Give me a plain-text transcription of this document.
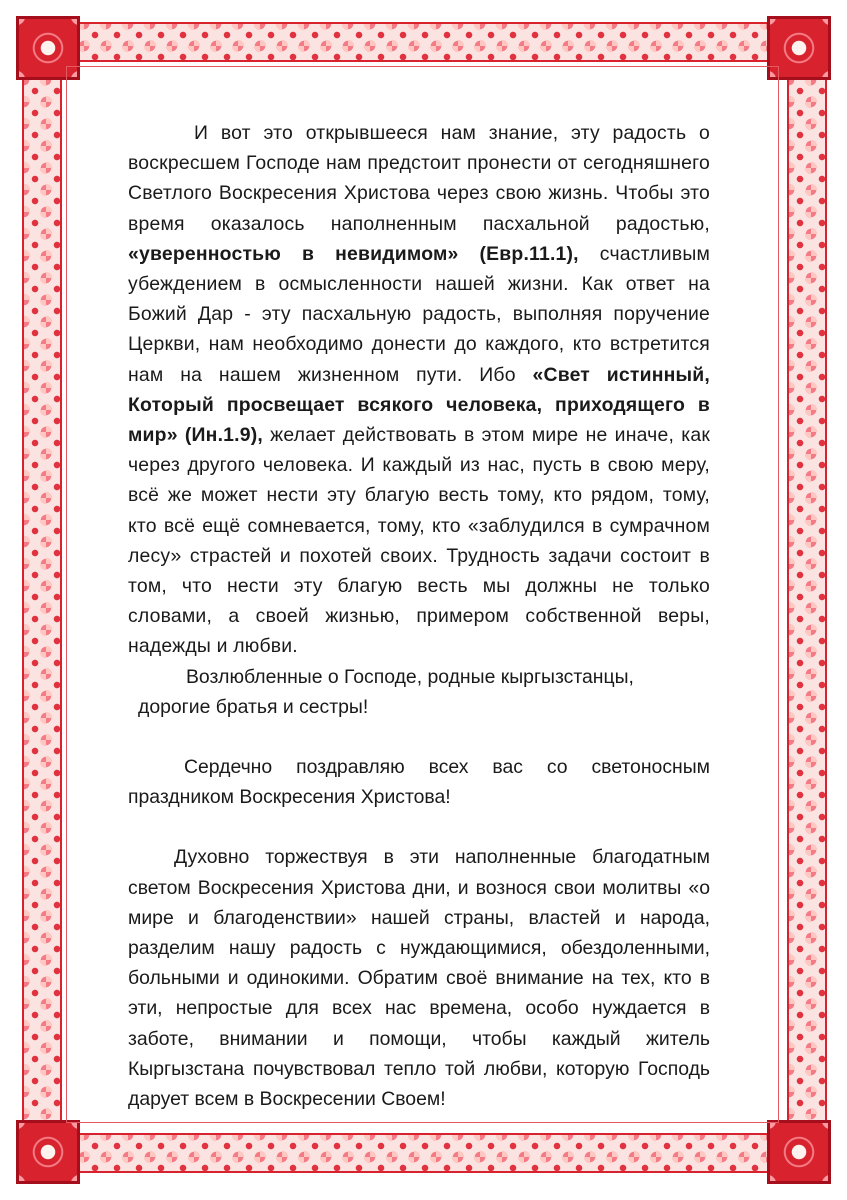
И вот это открывшееся нам знание, эту радость о воскресшем Господе нам предстоит пронести от сегодняшнего Светлого Воскресения Христова через свою жизнь. Чтобы это время оказалось наполненным пасхальной радостью, «уверенностью в невидимом» (Евр.11.1), счастливым убеждением в осмысленности нашей жизни. Как ответ на Божий Дар - эту пасхальную радость, выполняя поручение Церкви, нам необходимо донести до каждого, кто встретится нам на нашем жизненном пути. Ибо «Свет истинный, Который просвещает всякого человека, приходящего в мир» (Ин.1.9), желает действовать в этом мире не иначе, как через другого человека. И каждый из нас, пусть в свою меру, всё же может нести эту благую весть тому, кто рядом, тому, кто всё ещё сомневается, тому, кто «заблудился в сумрачном лесу» страстей и похотей своих. Трудность задачи состоит в том, что нести эту благую весть мы должны не только словами, а своей жизнью, примером собственной веры, надежды и любви.

Возлюбленные о Господе, родные кыргызстанцы,

дорогие братья и сестры!

Сердечно поздравляю всех вас со светоносным праздником Воскресения Христова!

Духовно торжествуя в эти наполненные благодатным светом Воскресения Христова дни, и вознося свои молитвы «о мире и благоденствии» нашей страны, властей и народа, разделим нашу радость с нуждающимися, обездоленными, больными и одинокими. Обратим своё внимание на тех, кто в эти, непростые для всех нас времена, особо нуждается в заботе, внимании и помощи, чтобы каждый житель Кыргызстана почувствовал тепло той любви, которую Господь дарует всем в Воскресении Своем!
